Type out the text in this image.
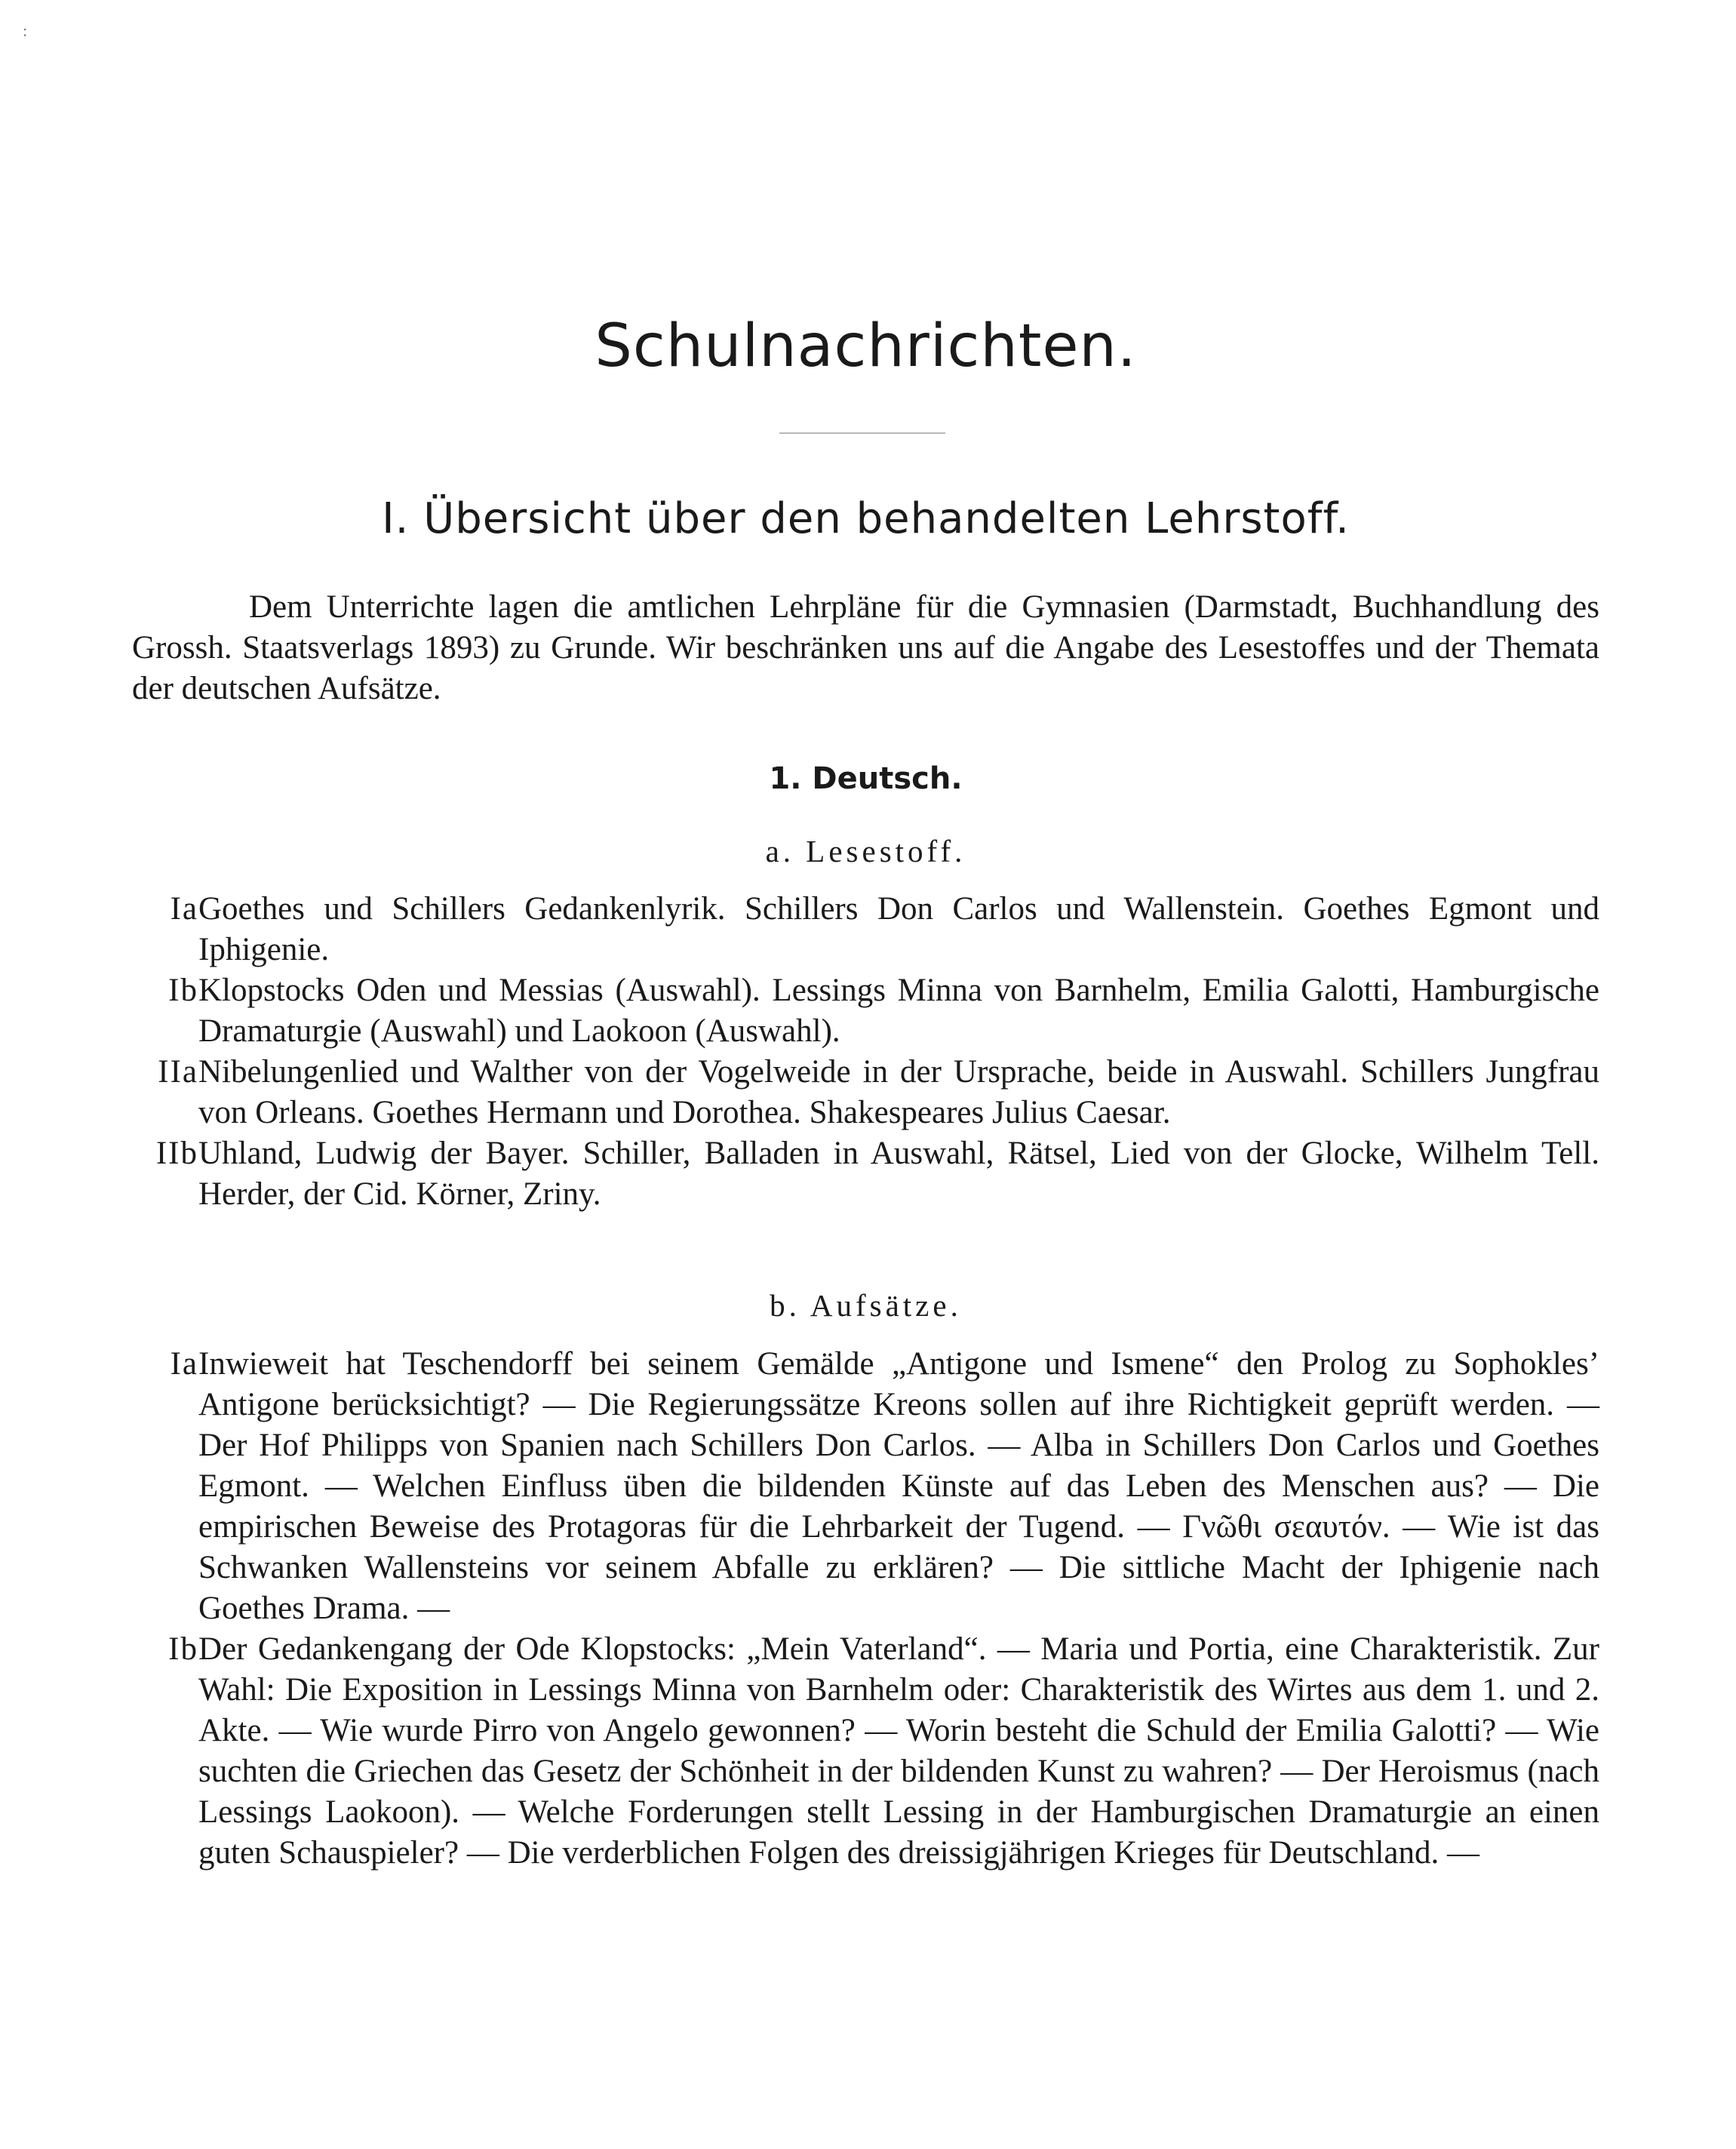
:
Schulnachrichten.
I. Übersicht über den behandelten Lehrstoff.

Dem Unterrichte lagen die amtlichen Lehrpläne für die Gymnasien (Darmstadt, Buchhandlung des Grossh. Staatsverlags 1893) zu Grunde. Wir beschränken uns auf die Angabe des Lesestoffes und der Themata der deutschen Aufsätze.

1. Deutsch.
a. Lesestoff.
Ia Goethes und Schillers Gedankenlyrik. Schillers Don Carlos und Wallenstein. Goethes Egmont und Iphigenie.
Ib Klopstocks Oden und Messias (Auswahl). Lessings Minna von Barnhelm, Emilia Galotti, Hamburgische Dramaturgie (Auswahl) und Laokoon (Auswahl).
IIa Nibelungenlied und Walther von der Vogelweide in der Ursprache, beide in Auswahl. Schillers Jungfrau von Orleans. Goethes Hermann und Dorothea. Shakespeares Julius Caesar.
IIb Uhland, Ludwig der Bayer. Schiller, Balladen in Auswahl, Rätsel, Lied von der Glocke, Wilhelm Tell. Herder, der Cid. Körner, Zriny.
b. Aufsätze.
Ia Inwieweit hat Teschendorff bei seinem Gemälde „Antigone und Ismene“ den Prolog zu Sophokles’ Antigone berücksichtigt? — Die Regierungssätze Kreons sollen auf ihre Richtigkeit geprüft werden. — Der Hof Philipps von Spanien nach Schillers Don Carlos. — Alba in Schillers Don Carlos und Goethes Egmont. — Welchen Einfluss üben die bildenden Künste auf das Leben des Menschen aus? — Die empirischen Beweise des Protagoras für die Lehrbarkeit der Tugend. — Γνῶθι σεαυτόν. — Wie ist das Schwanken Wallensteins vor seinem Abfalle zu erklären? — Die sittliche Macht der Iphigenie nach Goethes Drama. —
Ib Der Gedankengang der Ode Klopstocks: „Mein Vaterland“. — Maria und Portia, eine Charakteristik. Zur Wahl: Die Exposition in Lessings Minna von Barnhelm oder: Charakteristik des Wirtes aus dem 1. und 2. Akte. — Wie wurde Pirro von Angelo gewonnen? — Worin besteht die Schuld der Emilia Galotti? — Wie suchten die Griechen das Gesetz der Schönheit in der bildenden Kunst zu wahren? — Der Heroismus (nach Lessings Laokoon). — Welche Forderungen stellt Lessing in der Hamburgischen Dramaturgie an einen guten Schauspieler? — Die verderblichen Folgen des dreissigjährigen Krieges für Deutschland. —
